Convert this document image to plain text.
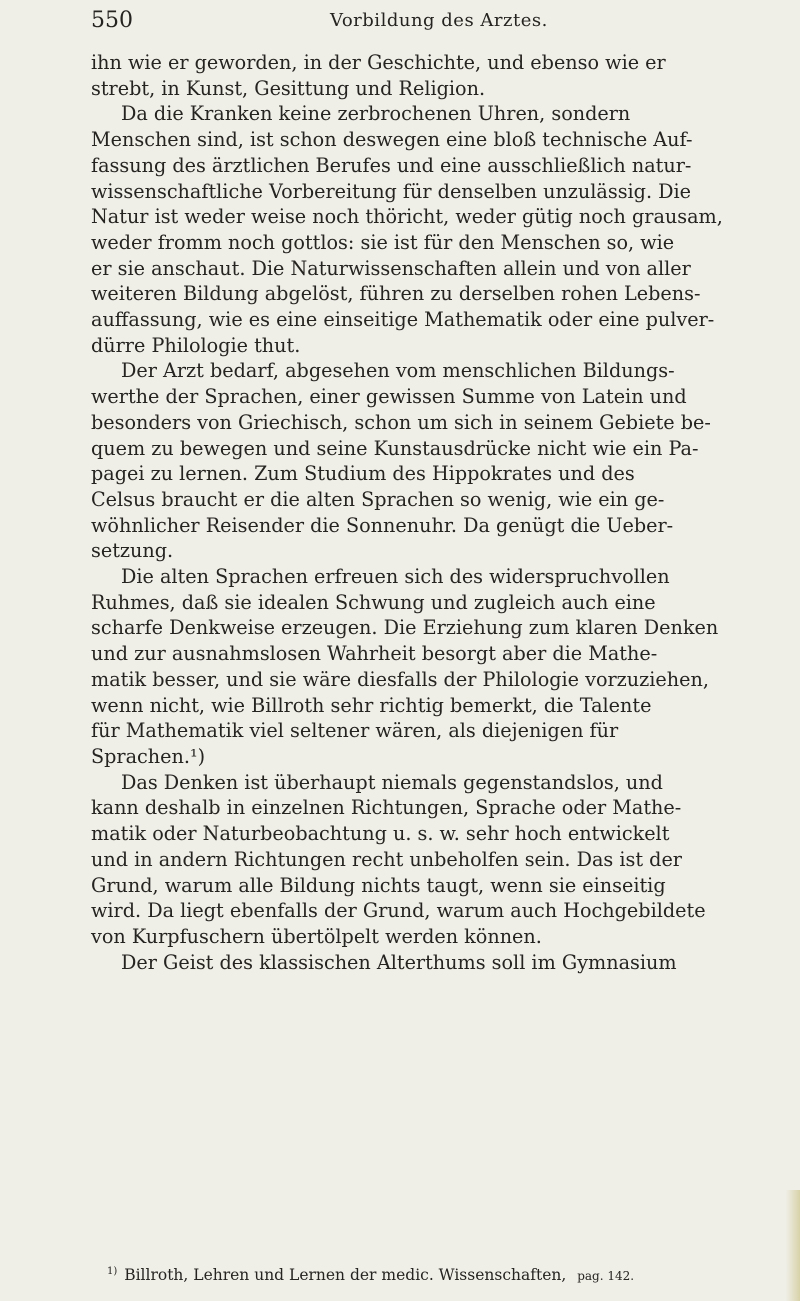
550	Vorbildung des Arztes.

ihn wie er geworden, in der Geschichte, und ebenso wie er
strebt, in Kunst, Gesittung und Religion.

Da die Kranken keine zerbrochenen Uhren, sondern
Menschen sind, ist schon deswegen eine bloß technische Auf-
fassung des ärztlichen Berufes und eine ausschließlich natur-
wissenschaftliche Vorbereitung für denselben unzulässig. Die
Natur ist weder weise noch thöricht, weder gütig noch grausam,
weder fromm noch gottlos: sie ist für den Menschen so, wie
er sie anschaut. Die Naturwissenschaften allein und von aller
weiteren Bildung abgelöst, führen zu derselben rohen Lebens-
auffassung, wie es eine einseitige Mathematik oder eine pulver-
dürre Philologie thut.

Der Arzt bedarf, abgesehen vom menschlichen Bildungs-
werthe der Sprachen, einer gewissen Summe von Latein und
besonders von Griechisch, schon um sich in seinem Gebiete be-
quem zu bewegen und seine Kunstausdrücke nicht wie ein Pa-
pagei zu lernen. Zum Studium des Hippokrates und des
Celsus braucht er die alten Sprachen so wenig, wie ein ge-
wöhnlicher Reisender die Sonnenuhr. Da genügt die Ueber-
setzung.

Die alten Sprachen erfreuen sich des widerspruchvollen
Ruhmes, daß sie idealen Schwung und zugleich auch eine
scharfe Denkweise erzeugen. Die Erziehung zum klaren Denken
und zur ausnahmslosen Wahrheit besorgt aber die Mathe-
matik besser, und sie wäre diesfalls der Philologie vorzuziehen,
wenn nicht, wie Billroth sehr richtig bemerkt, die Talente
für Mathematik viel seltener wären, als diejenigen für
Sprachen.¹)

Das Denken ist überhaupt niemals gegenstandslos, und
kann deshalb in einzelnen Richtungen, Sprache oder Mathe-
matik oder Naturbeobachtung u. s. w. sehr hoch entwickelt
und in andern Richtungen recht unbeholfen sein. Das ist der
Grund, warum alle Bildung nichts taugt, wenn sie einseitig
wird. Da liegt ebenfalls der Grund, warum auch Hochgebildete
von Kurpfuschern übertölpelt werden können.

Der Geist des klassischen Alterthums soll im Gymnasium

$^{1)}$ Billroth, Lehren und Lernen der medic. Wissenschaften, pag. 142.
